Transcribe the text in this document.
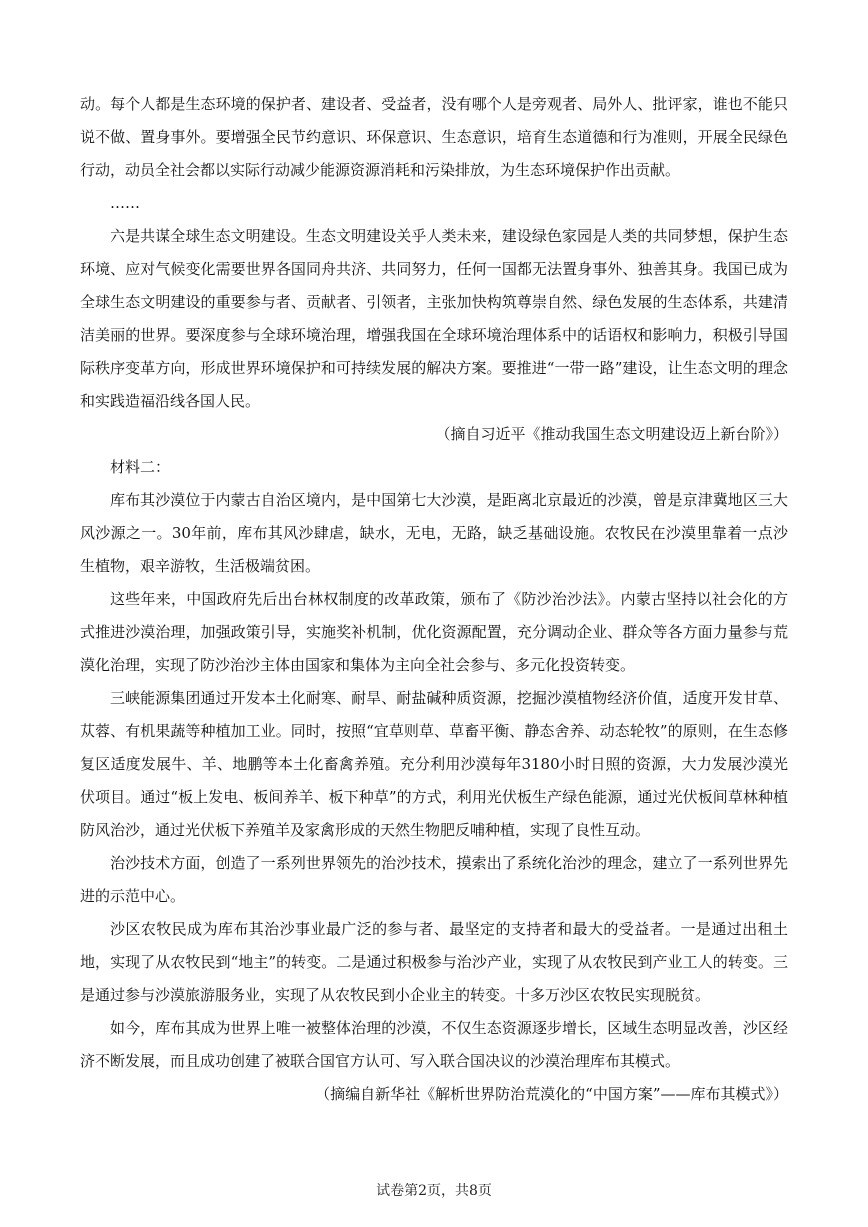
动。每个人都是生态环境的保护者、建设者、受益者，没有哪个人是旁观者、局外人、批评家，谁也不能只说不做、置身事外。要增强全民节约意识、环保意识、生态意识，培育生态道德和行为准则，开展全民绿色行动，动员全社会都以实际行动减少能源资源消耗和污染排放，为生态环境保护作出贡献。

……

六是共谋全球生态文明建设。生态文明建设关乎人类未来，建设绿色家园是人类的共同梦想，保护生态环境、应对气候变化需要世界各国同舟共济、共同努力，任何一国都无法置身事外、独善其身。我国已成为全球生态文明建设的重要参与者、贡献者、引领者，主张加快构筑尊崇自然、绿色发展的生态体系，共建清洁美丽的世界。要深度参与全球环境治理，增强我国在全球环境治理体系中的话语权和影响力，积极引导国际秩序变革方向，形成世界环境保护和可持续发展的解决方案。要推进“一带一路”建设，让生态文明的理念和实践造福沿线各国人民。

（摘自习近平《推动我国生态文明建设迈上新台阶》）

材料二：

库布其沙漠位于内蒙古自治区境内，是中国第七大沙漠，是距离北京最近的沙漠，曾是京津冀地区三大风沙源之一。30年前，库布其风沙肆虐，缺水，无电，无路，缺乏基础设施。农牧民在沙漠里靠着一点沙生植物，艰辛游牧，生活极端贫困。

这些年来，中国政府先后出台林权制度的改革政策，颁布了《防沙治沙法》。内蒙古坚持以社会化的方式推进沙漠治理，加强政策引导，实施奖补机制，优化资源配置，充分调动企业、群众等各方面力量参与荒漠化治理，实现了防沙治沙主体由国家和集体为主向全社会参与、多元化投资转变。

三峡能源集团通过开发本土化耐寒、耐旱、耐盐碱种质资源，挖掘沙漠植物经济价值，适度开发甘草、苁蓉、有机果蔬等种植加工业。同时，按照“宜草则草、草畜平衡、静态舍养、动态轮牧”的原则，在生态修复区适度发展牛、羊、地鹏等本土化畜禽养殖。充分利用沙漠每年3180小时日照的资源，大力发展沙漠光伏项目。通过“板上发电、板间养羊、板下种草”的方式，利用光伏板生产绿色能源，通过光伏板间草林种植防风治沙，通过光伏板下养殖羊及家禽形成的天然生物肥反哺种植，实现了良性互动。

治沙技术方面，创造了一系列世界领先的治沙技术，摸索出了系统化治沙的理念，建立了一系列世界先进的示范中心。

沙区农牧民成为库布其治沙事业最广泛的参与者、最坚定的支持者和最大的受益者。一是通过出租土地，实现了从农牧民到“地主”的转变。二是通过积极参与治沙产业，实现了从农牧民到产业工人的转变。三是通过参与沙漠旅游服务业，实现了从农牧民到小企业主的转变。十多万沙区农牧民实现脱贫。

如今，库布其成为世界上唯一被整体治理的沙漠，不仅生态资源逐步增长，区域生态明显改善，沙区经济不断发展，而且成功创建了被联合国官方认可、写入联合国决议的沙漠治理库布其模式。

（摘编自新华社《解析世界防治荒漠化的“中国方案”——库布其模式》）

试卷第2页，共8页
